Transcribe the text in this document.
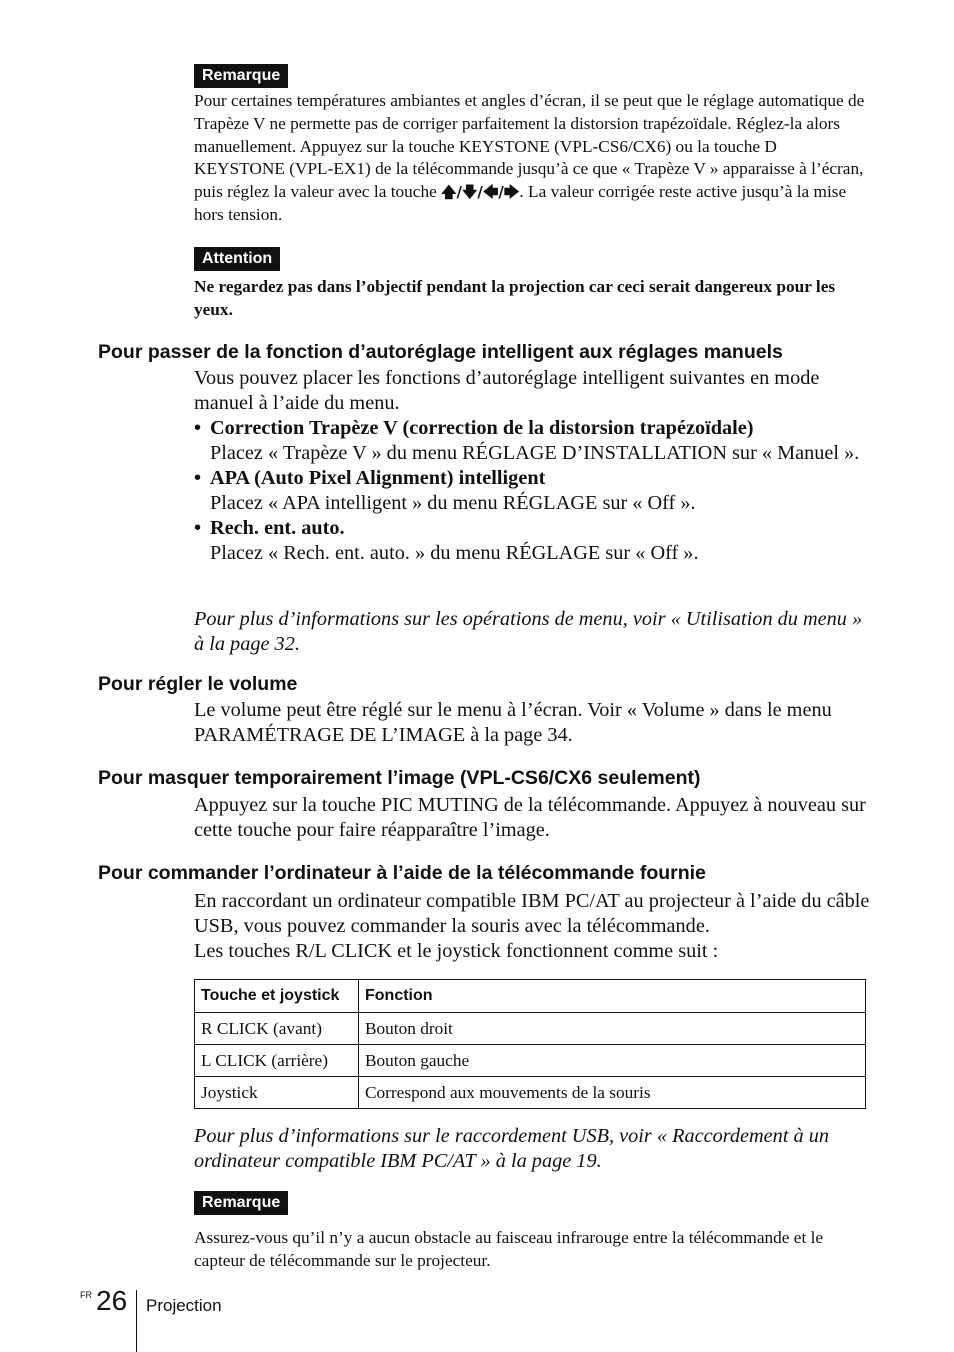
Remarque
Pour certaines températures ambiantes et angles d’écran, il se peut que le réglage automatique de Trapèze V ne permette pas de corriger parfaitement la distorsion trapézoïdale. Réglez-la alors manuellement. Appuyez sur la touche KEYSTONE (VPL-CS6/CX6) ou la touche D KEYSTONE (VPL-EX1) de la télécommande jusqu’à ce que « Trapèze V » apparaisse à l’écran, puis réglez la valeur avec la touche 🡅/🡇/🡄/🡆. La valeur corrigée reste active jusqu’à la mise hors tension.
Attention
Ne regardez pas dans l’objectif pendant la projection car ceci serait dangereux pour les yeux.
Pour passer de la fonction d’autoréglage intelligent aux réglages manuels

Vous pouvez placer les fonctions d’autoréglage intelligent suivantes en mode manuel à l’aide du menu.

• Correction Trapèze V (correction de la distorsion trapézoïdale)
Placez « Trapèze V » du menu RÉGLAGE D’INSTALLATION sur « Manuel ».
• APA (Auto Pixel Alignment) intelligent
Placez « APA intelligent » du menu RÉGLAGE sur « Off ».
• Rech. ent. auto.
Placez « Rech. ent. auto. » du menu RÉGLAGE sur « Off ».
Pour plus d’informations sur les opérations de menu, voir « Utilisation du menu » à la page 32.
Pour régler le volume
Le volume peut être réglé sur le menu à l’écran. Voir « Volume » dans le menu PARAMÉTRAGE DE L’IMAGE à la page 34.
Pour masquer temporairement l’image (VPL-CS6/CX6 seulement)
Appuyez sur la touche PIC MUTING de la télécommande. Appuyez à nouveau sur cette touche pour faire réapparaître l’image.
Pour commander l’ordinateur à l’aide de la télécommande fournie

En raccordant un ordinateur compatible IBM PC/AT au projecteur à l’aide du câble USB, vous pouvez commander la souris avec la télécommande.

Les touches R/L CLICK et le joystick fonctionnent comme suit :

Touche et joystick	Fonction
R CLICK (avant)	Bouton droit
L CLICK (arrière)	Bouton gauche
Joystick	Correspond aux mouvements de la souris
Pour plus d’informations sur le raccordement USB, voir « Raccordement à un ordinateur compatible IBM PC/AT » à la page 19.
Remarque
Assurez-vous qu’il n’y a aucun obstacle au faisceau infrarouge entre la télécommande et le capteur de télécommande sur le projecteur.
FR 26 Projection
